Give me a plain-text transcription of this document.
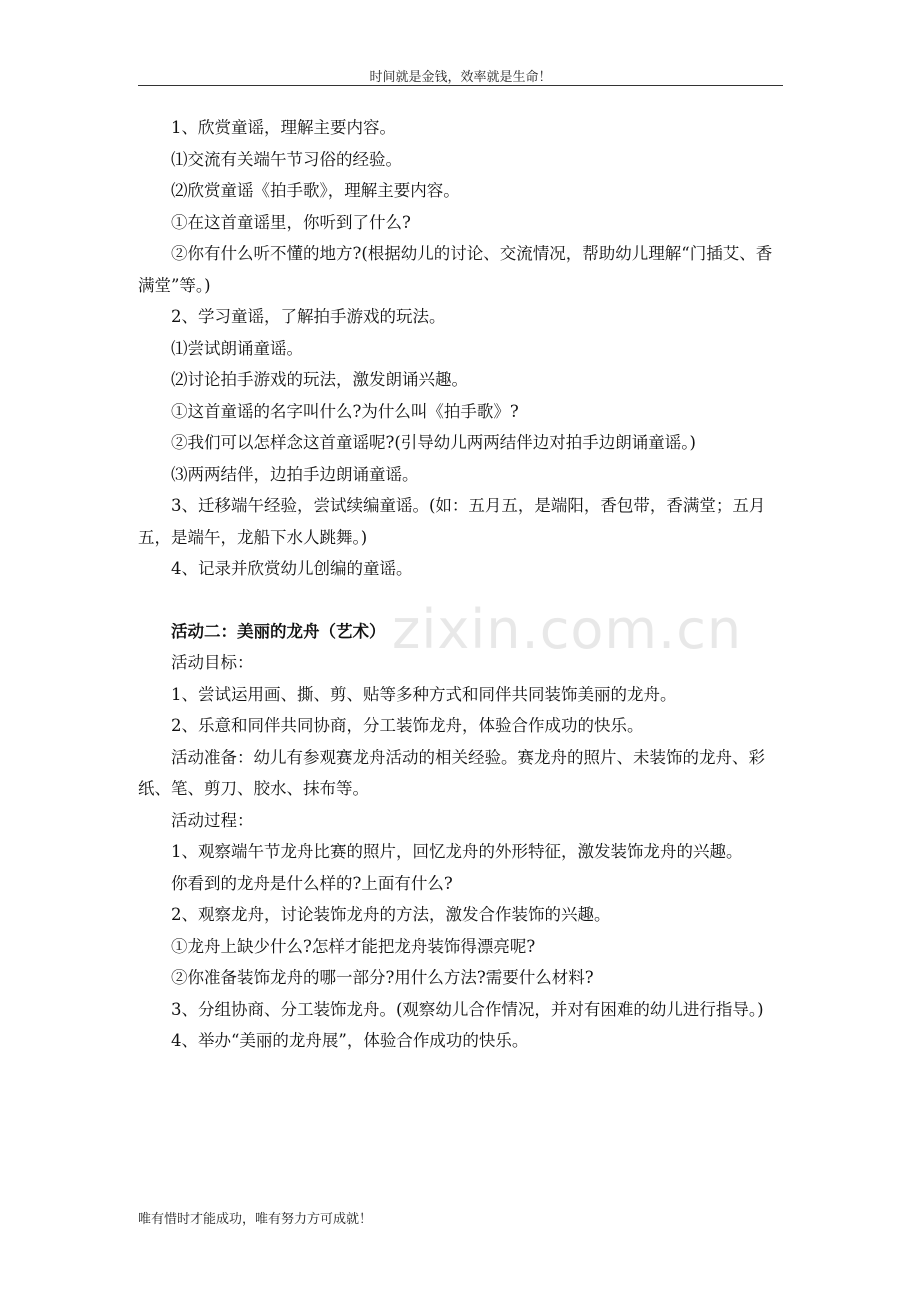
时间就是金钱，效率就是生命！

1、欣赏童谣，理解主要内容。

⑴交流有关端午节习俗的经验。

⑵欣赏童谣《拍手歌》，理解主要内容。

①在这首童谣里，你听到了什么?

②你有什么听不懂的地方?(根据幼儿的讨论、交流情况，帮助幼儿理解“门插艾、香满堂”等。)

2、学习童谣，了解拍手游戏的玩法。

⑴尝试朗诵童谣。

⑵讨论拍手游戏的玩法，激发朗诵兴趣。

①这首童谣的名字叫什么?为什么叫《拍手歌》?

②我们可以怎样念这首童谣呢?(引导幼儿两两结伴边对拍手边朗诵童谣。)

⑶两两结伴，边拍手边朗诵童谣。

3、迁移端午经验，尝试续编童谣。(如：五月五，是端阳，香包带，香满堂；五月五，是端午，龙船下水人跳舞。)

4、记录并欣赏幼儿创编的童谣。

活动二：美丽的龙舟（艺术）

活动目标：

1、尝试运用画、撕、剪、贴等多种方式和同伴共同装饰美丽的龙舟。

2、乐意和同伴共同协商，分工装饰龙舟，体验合作成功的快乐。

活动准备：幼儿有参观赛龙舟活动的相关经验。赛龙舟的照片、未装饰的龙舟、彩纸、笔、剪刀、胶水、抹布等。

活动过程：

1、观察端午节龙舟比赛的照片，回忆龙舟的外形特征，激发装饰龙舟的兴趣。

你看到的龙舟是什么样的?上面有什么?

2、观察龙舟，讨论装饰龙舟的方法，激发合作装饰的兴趣。

①龙舟上缺少什么?怎样才能把龙舟装饰得漂亮呢?

②你准备装饰龙舟的哪一部分?用什么方法?需要什么材料?

3、分组协商、分工装饰龙舟。(观察幼儿合作情况，并对有困难的幼儿进行指导。)

4、举办“美丽的龙舟展”，体验合作成功的快乐。

zixin.com.cn
唯有惜时才能成功，唯有努力方可成就！
